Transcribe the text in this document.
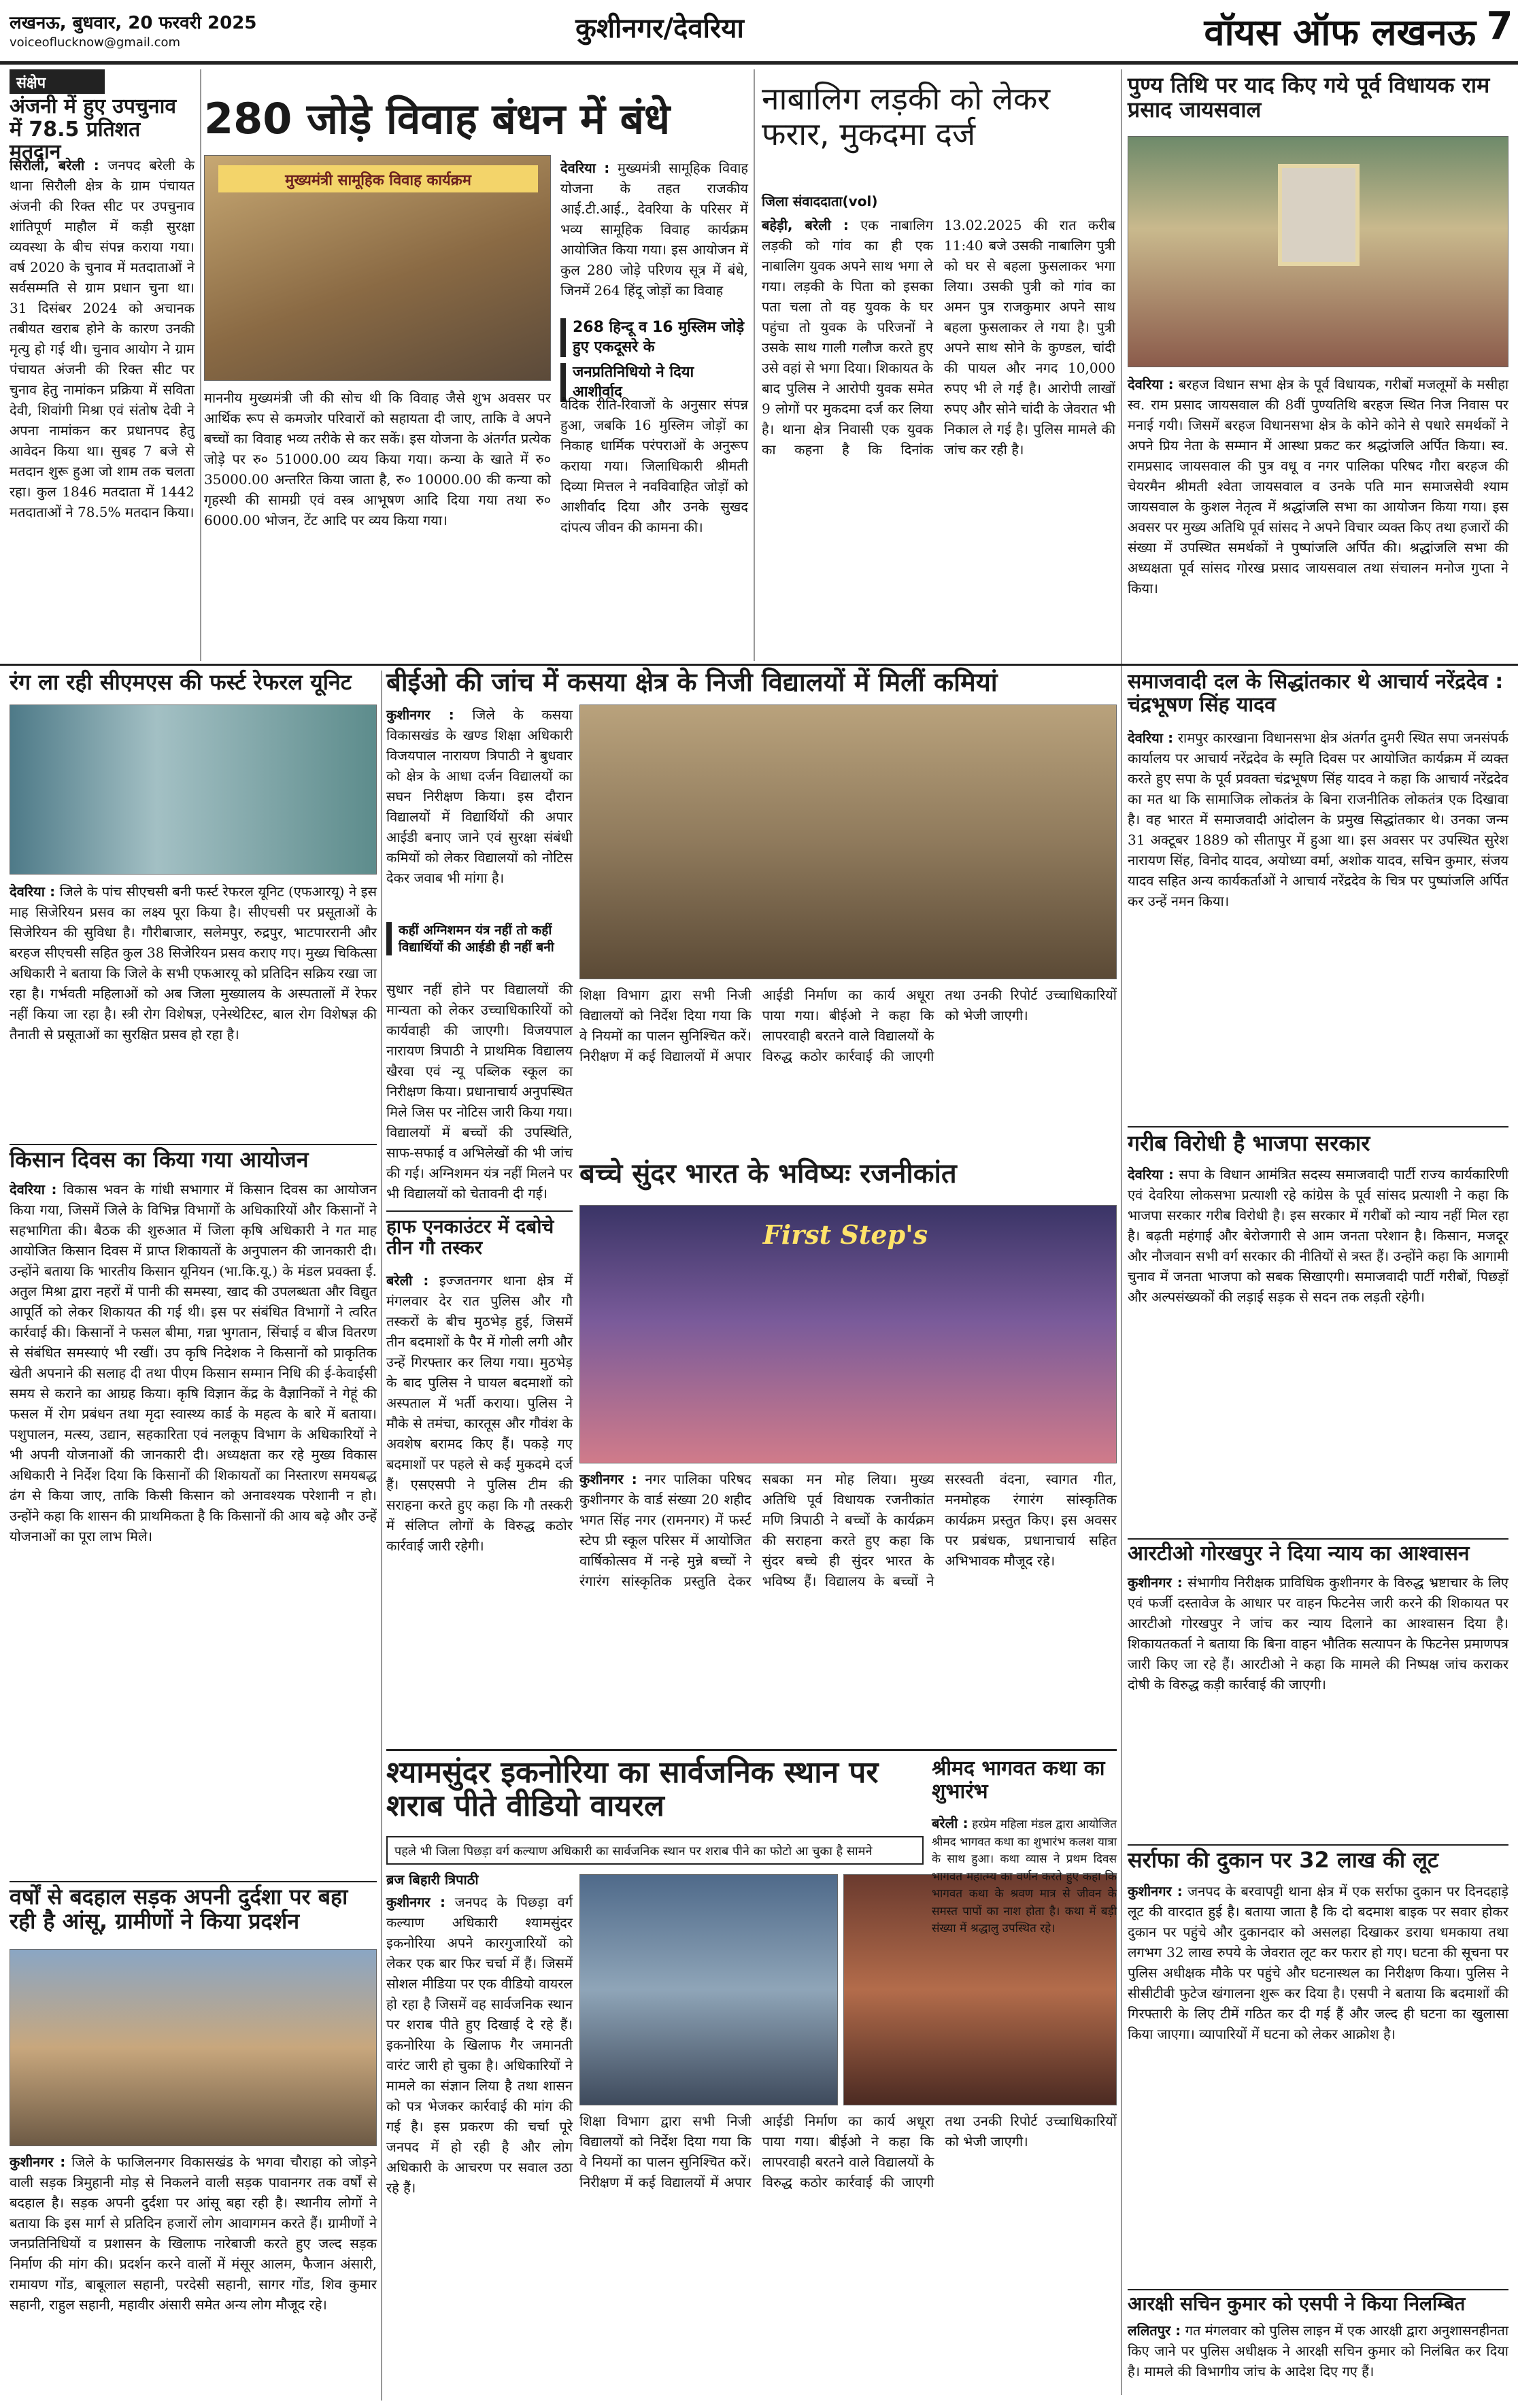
लखनऊ, बुधवार, 20 फरवरी 2025
voiceoflucknow@gmail.com	कुशीनगर/देवरिया	वॉयस ऑफ लखनऊ 7
संक्षेप
अंजनी में हुए उपचुनाव में 78.5 प्रतिशत मतदान
सिरौली, बरेली : जनपद बरेली के थाना सिरौली क्षेत्र के ग्राम पंचायत अंजनी की रिक्त सीट पर उपचुनाव शांतिपूर्ण माहौल में कड़ी सुरक्षा व्यवस्था के बीच संपन्न कराया गया। वर्ष 2020 के चुनाव में मतदाताओं ने सर्वसम्मति से ग्राम प्रधान चुना था। 31 दिसंबर 2024 को अचानक तबीयत खराब होने के कारण उनकी मृत्यु हो गई थी। चुनाव आयोग ने ग्राम पंचायत अंजनी की रिक्त सीट पर चुनाव हेतु नामांकन प्रक्रिया में सविता देवी, शिवांगी मिश्रा एवं संतोष देवी ने अपना नामांकन कर प्रधानपद हेतु आवेदन किया था। सुबह 7 बजे से मतदान शुरू हुआ जो शाम तक चलता रहा। कुल 1846 मतदाता में 1442 मतदाताओं ने 78.5% मतदान किया।
280 जोड़े विवाह बंधन में बंधे
मुख्यमंत्री सामूहिक विवाह कार्यक्रम
देवरिया : मुख्यमंत्री सामूहिक विवाह योजना के तहत राजकीय आई.टी.आई., देवरिया के परिसर में भव्य सामूहिक विवाह कार्यक्रम आयोजित किया गया। इस आयोजन में कुल 280 जोड़े परिणय सूत्र में बंधे, जिनमें 264 हिंदू जोड़ों का विवाह
268 हिन्दू व 16 मुस्लिम जोड़े हुए एकदूसरे के
जनप्रतिनिधियो ने दिया आशीर्वाद
वैदिक रीति-रिवाजों के अनुसार संपन्न हुआ, जबकि 16 मुस्लिम जोड़ों का निकाह धार्मिक परंपराओं के अनुरूप कराया गया। जिलाधिकारी श्रीमती दिव्या मित्तल ने नवविवाहित जोड़ों को आशीर्वाद दिया और उनके सुखद दांपत्य जीवन की कामना की।
माननीय मुख्यमंत्री जी की सोच थी कि विवाह जैसे शुभ अवसर पर आर्थिक रूप से कमजोर परिवारों को सहायता दी जाए, ताकि वे अपने बच्चों का विवाह भव्य तरीके से कर सकें। इस योजना के अंतर्गत प्रत्येक जोड़े पर रु० 51000.00 व्यय किया गया। कन्या के खाते में रु० 35000.00 अन्तरित किया जाता है, रु० 10000.00 की कन्या को गृहस्थी की सामग्री एवं वस्त्र आभूषण आदि दिया गया तथा रु० 6000.00 भोजन, टेंट आदि पर व्यय किया गया।
नाबालिग लड़की को लेकर फरार, मुकदमा दर्ज
जिला संवाददाता(vol)
बहेड़ी, बरेली : एक नाबालिग लड़की को गांव का ही एक नाबालिग युवक अपने साथ भगा ले गया। लड़की के पिता को इसका पता चला तो वह युवक के घर पहुंचा तो युवक के परिजनों ने उसके साथ गाली गलौज करते हुए उसे वहां से भगा दिया। शिकायत के बाद पुलिस ने आरोपी युवक समेत 9 लोगों पर मुकदमा दर्ज कर लिया है। थाना क्षेत्र निवासी एक युवक का कहना है कि दिनांक 13.02.2025 की रात करीब 11:40 बजे उसकी नाबालिग पुत्री को घर से बहला फुसलाकर भगा लिया। उसकी पुत्री को गांव का अमन पुत्र राजकुमार अपने साथ बहला फुसलाकर ले गया है। पुत्री अपने साथ सोने के कुण्डल, चांदी की पायल और नगद 10,000 रुपए भी ले गई है। आरोपी लाखों रुपए और सोने चांदी के जेवरात भी निकाल ले गई है। पुलिस मामले की जांच कर रही है।
पुण्य तिथि पर याद किए गये पूर्व विधायक राम प्रसाद जायसवाल
देवरिया : बरहज विधान सभा क्षेत्र के पूर्व विधायक, गरीबों मजलूमों के मसीहा स्व. राम प्रसाद जायसवाल की 8वीं पुण्यतिथि बरहज स्थित निज निवास पर मनाई गयी। जिसमें बरहज विधानसभा क्षेत्र के कोने कोने से पधारे समर्थकों ने अपने प्रिय नेता के सम्मान में आस्था प्रकट कर श्रद्धांजलि अर्पित किया। स्व. रामप्रसाद जायसवाल की पुत्र वधू व नगर पालिका परिषद गौरा बरहज की चेयरमैन श्रीमती श्वेता जायसवाल व उनके पति मान समाजसेवी श्याम जायसवाल के कुशल नेतृत्व में श्रद्धांजलि सभा का आयोजन किया गया। इस अवसर पर मुख्य अतिथि पूर्व सांसद ने अपने विचार व्यक्त किए तथा हजारों की संख्या में उपस्थित समर्थकों ने पुष्पांजलि अर्पित की। श्रद्धांजलि सभा की अध्यक्षता पूर्व सांसद गोरख प्रसाद जायसवाल तथा संचालन मनोज गुप्ता ने किया।
रंग ला रही सीएमएस की फर्स्ट रेफरल यूनिट
देवरिया : जिले के पांच सीएचसी बनी फर्स्ट रेफरल यूनिट (एफआरयू) ने इस माह सिजेरियन प्रसव का लक्ष्य पूरा किया है। सीएचसी पर प्रसूताओं के सिजेरियन की सुविधा है। गौरीबाजार, सलेमपुर, रुद्रपुर, भाटपाररानी और बरहज सीएचसी सहित कुल 38 सिजेरियन प्रसव कराए गए। मुख्य चिकित्सा अधिकारी ने बताया कि जिले के सभी एफआरयू को प्रतिदिन सक्रिय रखा जा रहा है। गर्भवती महिलाओं को अब जिला मुख्यालय के अस्पतालों में रेफर नहीं किया जा रहा है। स्त्री रोग विशेषज्ञ, एनेस्थेटिस्ट, बाल रोग विशेषज्ञ की तैनाती से प्रसूताओं का सुरक्षित प्रसव हो रहा है।
बीईओ की जांच में कसया क्षेत्र के निजी विद्यालयों में मिलीं कमियां
कुशीनगर : जिले के कसया विकासखंड के खण्ड शिक्षा अधिकारी विजयपाल नारायण त्रिपाठी ने बुधवार को क्षेत्र के आधा दर्जन विद्यालयों का सघन निरीक्षण किया। इस दौरान विद्यालयों में विद्यार्थियों की अपार आईडी बनाए जाने एवं सुरक्षा संबंधी कमियों को लेकर विद्यालयों को नोटिस देकर जवाब भी मांगा है।
कहीं अग्निशमन यंत्र नहीं तो कहीं विद्यार्थियों की आईडी ही नहीं बनी
सुधार नहीं होने पर विद्यालयों की मान्यता को लेकर उच्चाधिकारियों को कार्यवाही की जाएगी। विजयपाल नारायण त्रिपाठी ने प्राथमिक विद्यालय खैरवा एवं न्यू पब्लिक स्कूल का निरीक्षण किया। प्रधानाचार्य अनुपस्थित मिले जिस पर नोटिस जारी किया गया। विद्यालयों में बच्चों की उपस्थिति, साफ-सफाई व अभिलेखों की भी जांच की गई। अग्निशमन यंत्र नहीं मिलने पर भी विद्यालयों को चेतावनी दी गई।
शिक्षा विभाग द्वारा सभी निजी विद्यालयों को निर्देश दिया गया कि वे नियमों का पालन सुनिश्चित करें। निरीक्षण में कई विद्यालयों में अपार आईडी निर्माण का कार्य अधूरा पाया गया। बीईओ ने कहा कि लापरवाही बरतने वाले विद्यालयों के विरुद्ध कठोर कार्रवाई की जाएगी तथा उनकी रिपोर्ट उच्चाधिकारियों को भेजी जाएगी।
समाजवादी दल के सिद्धांतकार थे आचार्य नरेंद्रदेव : चंद्रभूषण सिंह यादव
देवरिया : रामपुर कारखाना विधानसभा क्षेत्र अंतर्गत दुमरी स्थित सपा जनसंपर्क कार्यालय पर आचार्य नरेंद्रदेव के स्मृति दिवस पर आयोजित कार्यक्रम में व्यक्त करते हुए सपा के पूर्व प्रवक्ता चंद्रभूषण सिंह यादव ने कहा कि आचार्य नरेंद्रदेव का मत था कि सामाजिक लोकतंत्र के बिना राजनीतिक लोकतंत्र एक दिखावा है। वह भारत में समाजवादी आंदोलन के प्रमुख सिद्धांतकार थे। उनका जन्म 31 अक्टूबर 1889 को सीतापुर में हुआ था। इस अवसर पर उपस्थित सुरेश नारायण सिंह, विनोद यादव, अयोध्या वर्मा, अशोक यादव, सचिन कुमार, संजय यादव सहित अन्य कार्यकर्ताओं ने आचार्य नरेंद्रदेव के चित्र पर पुष्पांजलि अर्पित कर उन्हें नमन किया।
किसान दिवस का किया गया आयोजन
देवरिया : विकास भवन के गांधी सभागार में किसान दिवस का आयोजन किया गया, जिसमें जिले के विभिन्न विभागों के अधिकारियों और किसानों ने सहभागिता की। बैठक की शुरुआत में जिला कृषि अधिकारी ने गत माह आयोजित किसान दिवस में प्राप्त शिकायतों के अनुपालन की जानकारी दी। उन्होंने बताया कि भारतीय किसान यूनियन (भा.कि.यू.) के मंडल प्रवक्ता ई. अतुल मिश्रा द्वारा नहरों में पानी की समस्या, खाद की उपलब्धता और विद्युत आपूर्ति को लेकर शिकायत की गई थी। इस पर संबंधित विभागों ने त्वरित कार्रवाई की। किसानों ने फसल बीमा, गन्ना भुगतान, सिंचाई व बीज वितरण से संबंधित समस्याएं भी रखीं। उप कृषि निदेशक ने किसानों को प्राकृतिक खेती अपनाने की सलाह दी तथा पीएम किसान सम्मान निधि की ई-केवाईसी समय से कराने का आग्रह किया। कृषि विज्ञान केंद्र के वैज्ञानिकों ने गेहूं की फसल में रोग प्रबंधन तथा मृदा स्वास्थ्य कार्ड के महत्व के बारे में बताया। पशुपालन, मत्स्य, उद्यान, सहकारिता एवं नलकूप विभाग के अधिकारियों ने भी अपनी योजनाओं की जानकारी दी। अध्यक्षता कर रहे मुख्य विकास अधिकारी ने निर्देश दिया कि किसानों की शिकायतों का निस्तारण समयबद्ध ढंग से किया जाए, ताकि किसी किसान को अनावश्यक परेशानी न हो। उन्होंने कहा कि शासन की प्राथमिकता है कि किसानों की आय बढ़े और उन्हें योजनाओं का पूरा लाभ मिले।
हाफ एनकाउंटर में दबोचे तीन गौ तस्कर
बरेली : इज्जतनगर थाना क्षेत्र में मंगलवार देर रात पुलिस और गौ तस्करों के बीच मुठभेड़ हुई, जिसमें तीन बदमाशों के पैर में गोली लगी और उन्हें गिरफ्तार कर लिया गया। मुठभेड़ के बाद पुलिस ने घायल बदमाशों को अस्पताल में भर्ती कराया। पुलिस ने मौके से तमंचा, कारतूस और गौवंश के अवशेष बरामद किए हैं। पकड़े गए बदमाशों पर पहले से कई मुकदमे दर्ज हैं। एसएसपी ने पुलिस टीम की सराहना करते हुए कहा कि गौ तस्करी में संलिप्त लोगों के विरुद्ध कठोर कार्रवाई जारी रहेगी।
बच्चे सुंदर भारत के भविष्यः रजनीकांत
First Step's
कुशीनगर : नगर पालिका परिषद कुशीनगर के वार्ड संख्या 20 शहीद भगत सिंह नगर (रामनगर) में फर्स्ट स्टेप प्री स्कूल परिसर में आयोजित वार्षिकोत्सव में नन्हे मुन्ने बच्चों ने रंगारंग सांस्कृतिक प्रस्तुति देकर सबका मन मोह लिया। मुख्य अतिथि पूर्व विधायक रजनीकांत मणि त्रिपाठी ने बच्चों के कार्यक्रम की सराहना करते हुए कहा कि सुंदर बच्चे ही सुंदर भारत के भविष्य हैं। विद्यालय के बच्चों ने सरस्वती वंदना, स्वागत गीत, मनमोहक रंगारंग सांस्कृतिक कार्यक्रम प्रस्तुत किए। इस अवसर पर प्रबंधक, प्रधानाचार्य सहित अभिभावक मौजूद रहे।
गरीब विरोधी है भाजपा सरकार
देवरिया : सपा के विधान आमंत्रित सदस्य समाजवादी पार्टी राज्य कार्यकारिणी एवं देवरिया लोकसभा प्रत्याशी रहे कांग्रेस के पूर्व सांसद प्रत्याशी ने कहा कि भाजपा सरकार गरीब विरोधी है। इस सरकार में गरीबों को न्याय नहीं मिल रहा है। बढ़ती महंगाई और बेरोजगारी से आम जनता परेशान है। किसान, मजदूर और नौजवान सभी वर्ग सरकार की नीतियों से त्रस्त हैं। उन्होंने कहा कि आगामी चुनाव में जनता भाजपा को सबक सिखाएगी। समाजवादी पार्टी गरीबों, पिछड़ों और अल्पसंख्यकों की लड़ाई सड़क से सदन तक लड़ती रहेगी।
आरटीओ गोरखपुर ने दिया न्याय का आश्वासन
कुशीनगर : संभागीय निरीक्षक प्राविधिक कुशीनगर के विरुद्ध भ्रष्टाचार के लिए एवं फर्जी दस्तावेज के आधार पर वाहन फिटनेस जारी करने की शिकायत पर आरटीओ गोरखपुर ने जांच कर न्याय दिलाने का आश्वासन दिया है। शिकायतकर्ता ने बताया कि बिना वाहन भौतिक सत्यापन के फिटनेस प्रमाणपत्र जारी किए जा रहे हैं। आरटीओ ने कहा कि मामले की निष्पक्ष जांच कराकर दोषी के विरुद्ध कड़ी कार्रवाई की जाएगी।
वर्षों से बदहाल सड़क अपनी दुर्दशा पर बहा रही है आंसू, ग्रामीणों ने किया प्रदर्शन
कुशीनगर : जिले के फाजिलनगर विकासखंड के भगवा चौराहा को जोड़ने वाली सड़क त्रिमुहानी मोड़ से निकलने वाली सड़क पावानगर तक वर्षों से बदहाल है। सड़क अपनी दुर्दशा पर आंसू बहा रही है। स्थानीय लोगों ने बताया कि इस मार्ग से प्रतिदिन हजारों लोग आवागमन करते हैं। ग्रामीणों ने जनप्रतिनिधियों व प्रशासन के खिलाफ नारेबाजी करते हुए जल्द सड़क निर्माण की मांग की। प्रदर्शन करने वालों में मंसूर आलम, फैजान अंसारी, रामायण गोंड, बाबूलाल सहानी, परदेसी सहानी, सागर गोंड, शिव कुमार सहानी, राहुल सहानी, महावीर अंसारी समेत अन्य लोग मौजूद रहे।
श्यामसुंदर इकनोरिया का सार्वजनिक स्थान पर शराब पीते वीडियो वायरल
पहले भी जिला पिछड़ा वर्ग कल्याण अधिकारी का सार्वजनिक स्थान पर शराब पीने का फोटो आ चुका है सामने
ब्रज बिहारी त्रिपाठी
कुशीनगर : जनपद के पिछड़ा वर्ग कल्याण अधिकारी श्यामसुंदर इकनोरिया अपने कारगुजारियों को लेकर एक बार फिर चर्चा में हैं। जिसमें सोशल मीडिया पर एक वीडियो वायरल हो रहा है जिसमें वह सार्वजनिक स्थान पर शराब पीते हुए दिखाई दे रहे हैं। इकनोरिया के खिलाफ गैर जमानती वारंट जारी हो चुका है। अधिकारियों ने मामले का संज्ञान लिया है तथा शासन को पत्र भेजकर कार्रवाई की मांग की गई है। इस प्रकरण की चर्चा पूरे जनपद में हो रही है और लोग अधिकारी के आचरण पर सवाल उठा रहे हैं।
श्रीमद भागवत कथा का शुभारंभ
बरेली : हरप्रेम महिला मंडल द्वारा आयोजित श्रीमद भागवत कथा का शुभारंभ कलश यात्रा के साथ हुआ। कथा व्यास ने प्रथम दिवस भागवत महात्म्य का वर्णन करते हुए कहा कि भागवत कथा के श्रवण मात्र से जीवन के समस्त पापों का नाश होता है। कथा में बड़ी संख्या में श्रद्धालु उपस्थित रहे।
सर्राफा की दुकान पर 32 लाख की लूट
कुशीनगर : जनपद के बरवापट्टी थाना क्षेत्र में एक सर्राफा दुकान पर दिनदहाड़े लूट की वारदात हुई है। बताया जाता है कि दो बदमाश बाइक पर सवार होकर दुकान पर पहुंचे और दुकानदार को असलहा दिखाकर डराया धमकाया तथा लगभग 32 लाख रुपये के जेवरात लूट कर फरार हो गए। घटना की सूचना पर पुलिस अधीक्षक मौके पर पहुंचे और घटनास्थल का निरीक्षण किया। पुलिस ने सीसीटीवी फुटेज खंगालना शुरू कर दिया है। एसपी ने बताया कि बदमाशों की गिरफ्तारी के लिए टीमें गठित कर दी गई हैं और जल्द ही घटना का खुलासा किया जाएगा। व्यापारियों में घटना को लेकर आक्रोश है।
आरक्षी सचिन कुमार को एसपी ने किया निलम्बित
ललितपुर : गत मंगलवार को पुलिस लाइन में एक आरक्षी द्वारा अनुशासनहीनता किए जाने पर पुलिस अधीक्षक ने आरक्षी सचिन कुमार को निलंबित कर दिया है। मामले की विभागीय जांच के आदेश दिए गए हैं।
शिक्षा विभाग द्वारा सभी निजी विद्यालयों को निर्देश दिया गया कि वे नियमों का पालन सुनिश्चित करें। निरीक्षण में कई विद्यालयों में अपार आईडी निर्माण का कार्य अधूरा पाया गया। बीईओ ने कहा कि लापरवाही बरतने वाले विद्यालयों के विरुद्ध कठोर कार्रवाई की जाएगी तथा उनकी रिपोर्ट उच्चाधिकारियों को भेजी जाएगी।
